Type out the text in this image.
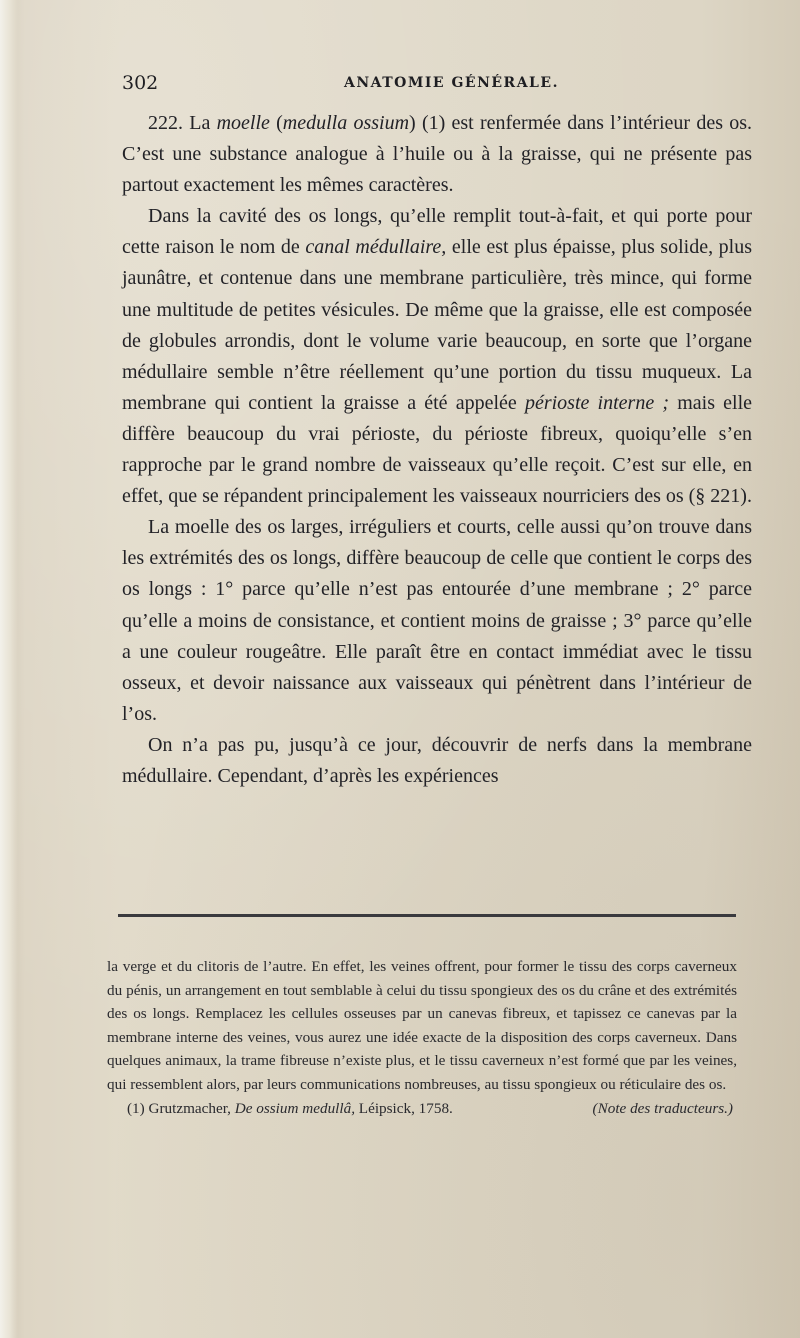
302	ANATOMIE GÉNÉRALE.

222. La moelle (medulla ossium) (1) est renfermée dans l’intérieur des os. C’est une substance analogue à l’huile ou à la graisse, qui ne présente pas partout exactement les mêmes caractères.

Dans la cavité des os longs, qu’elle remplit tout-à-fait, et qui porte pour cette raison le nom de canal médullaire, elle est plus épaisse, plus solide, plus jaunâtre, et contenue dans une membrane particulière, très mince, qui forme une multitude de petites vésicules. De même que la graisse, elle est composée de globules arrondis, dont le volume varie beaucoup, en sorte que l’organe médullaire semble n’être réellement qu’une portion du tissu muqueux. La membrane qui contient la graisse a été appelée périoste interne ; mais elle diffère beaucoup du vrai périoste, du périoste fibreux, quoiqu’elle s’en rapproche par le grand nombre de vaisseaux qu’elle reçoit. C’est sur elle, en effet, que se répandent principalement les vaisseaux nourriciers des os (§ 221).

La moelle des os larges, irréguliers et courts, celle aussi qu’on trouve dans les extrémités des os longs, diffère beaucoup de celle que contient le corps des os longs : 1° parce qu’elle n’est pas entourée d’une membrane ; 2° parce qu’elle a moins de consistance, et contient moins de graisse ; 3° parce qu’elle a une couleur rougeâtre. Elle paraît être en contact immédiat avec le tissu osseux, et devoir naissance aux vaisseaux qui pénètrent dans l’intérieur de l’os.

On n’a pas pu, jusqu’à ce jour, découvrir de nerfs dans la membrane médullaire. Cependant, d’après les expériences

la verge et du clitoris de l’autre. En effet, les veines offrent, pour former le tissu des corps caverneux du pénis, un arrangement en tout semblable à celui du tissu spongieux des os du crâne et des extrémités des os longs. Remplacez les cellules osseuses par un canevas fibreux, et tapissez ce canevas par la membrane interne des veines, vous aurez une idée exacte de la disposition des corps caverneux. Dans quelques animaux, la trame fibreuse n’existe plus, et le tissu caverneux n’est formé que par les veines, qui ressemblent alors, par leurs communications nombreuses, au tissu spongieux ou réticulaire des os.
(Note des traducteurs.)

(1) Grutzmacher, De ossium medullâ, Léipsick, 1758.
